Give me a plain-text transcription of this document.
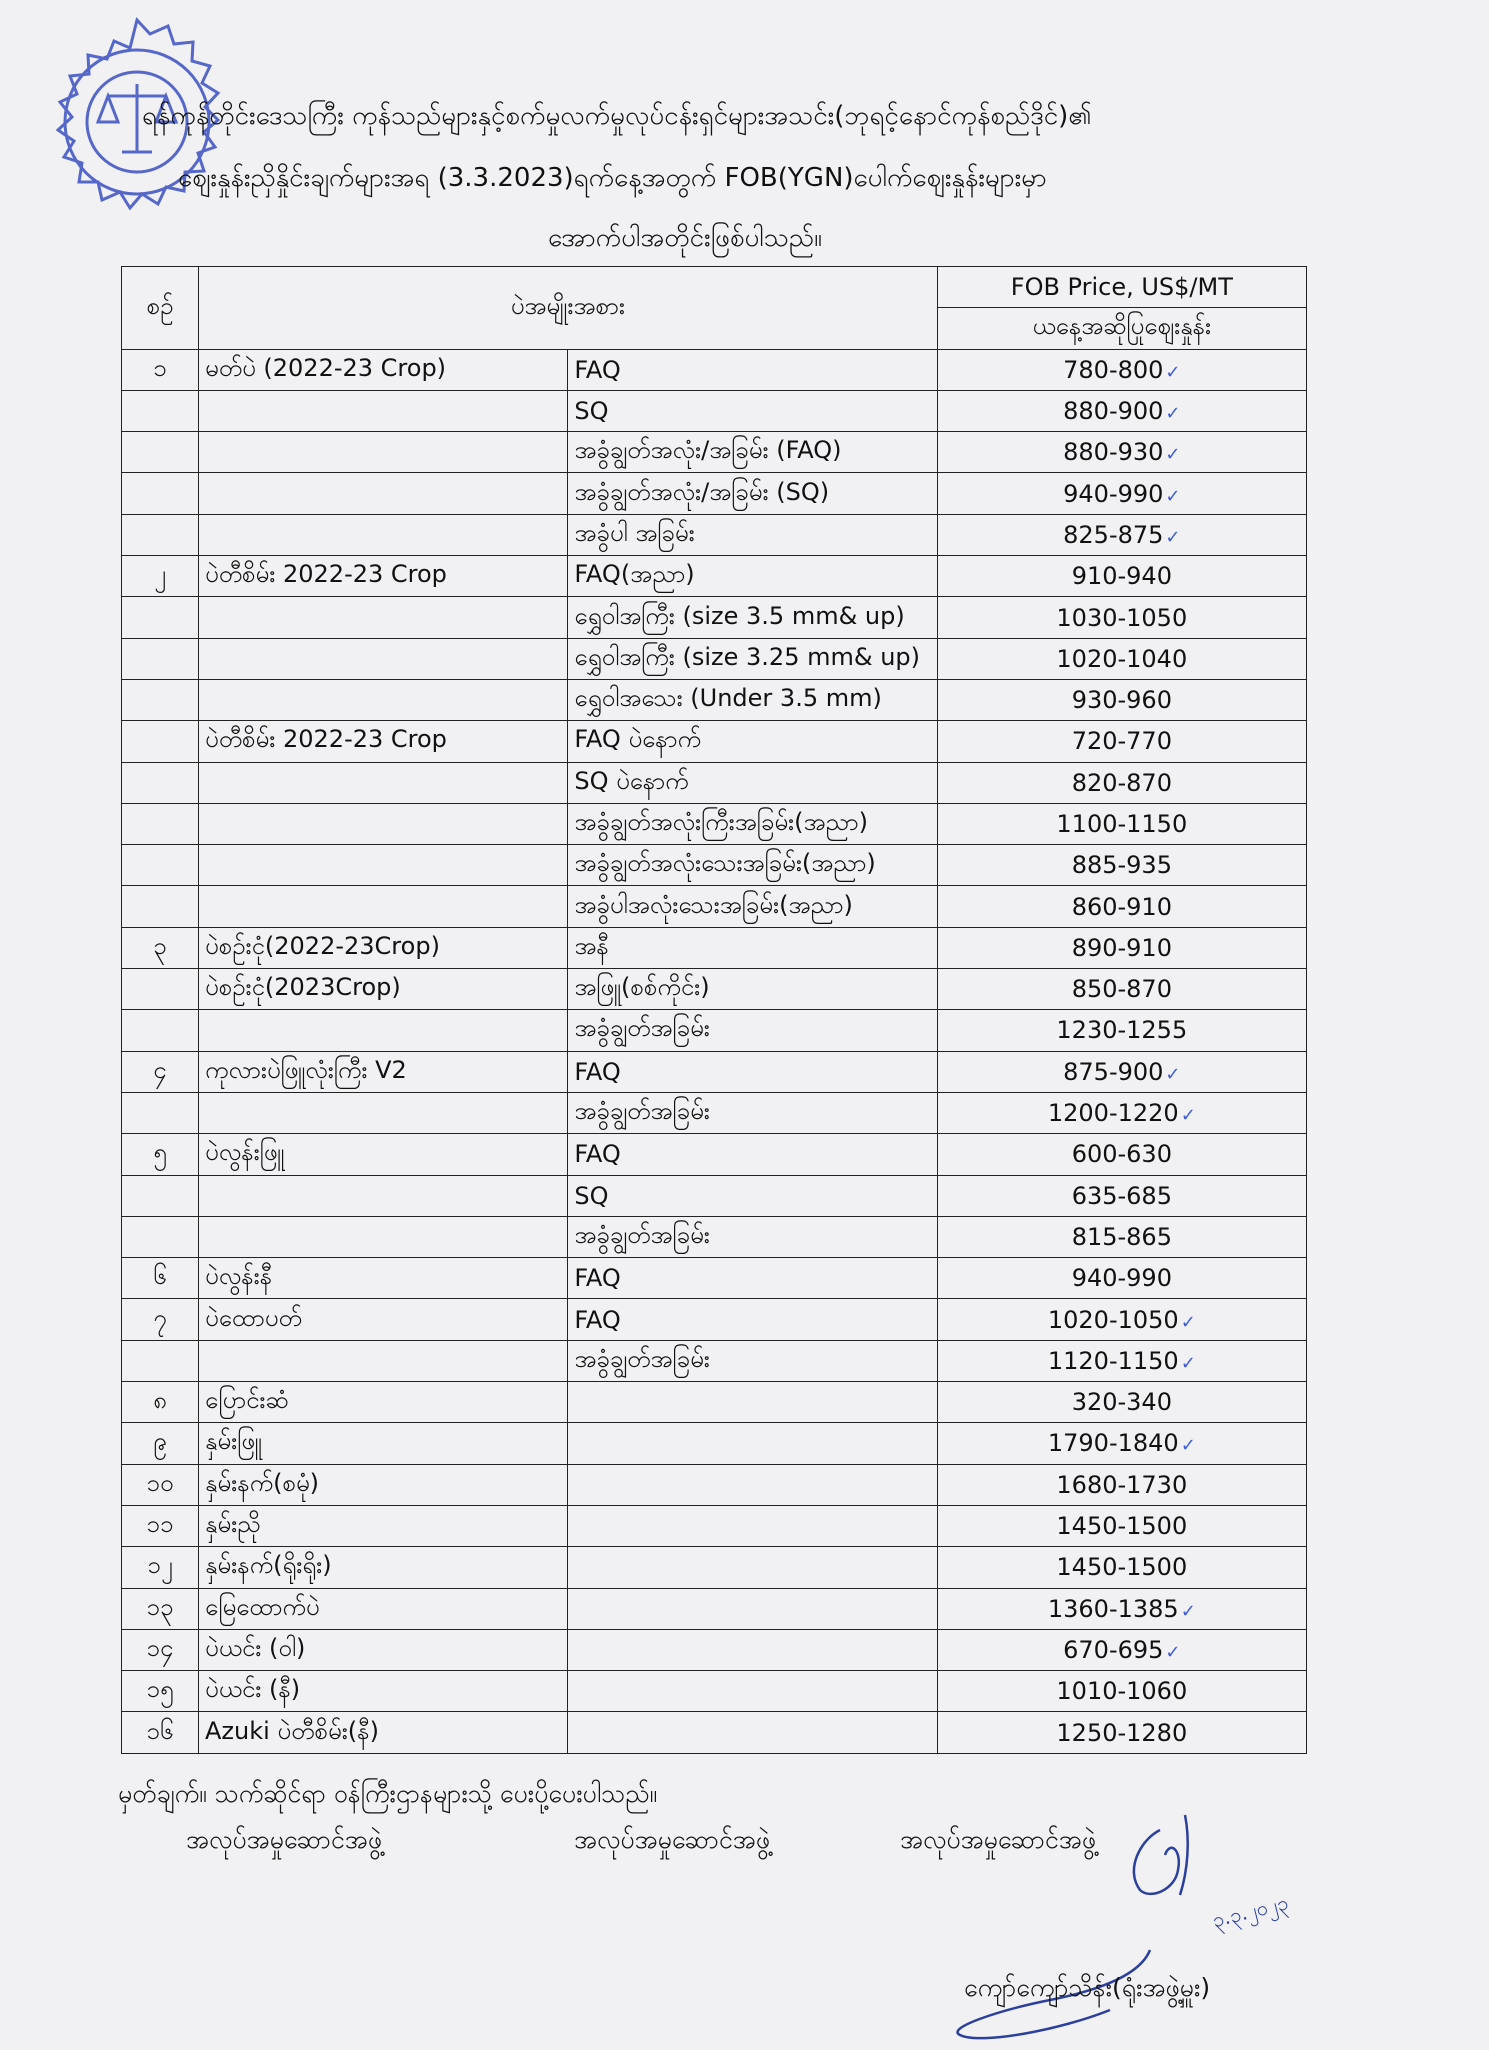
ရန်ကုန်တိုင်းဒေသကြီး ကုန်သည်များနှင့်စက်မှုလက်မှုလုပ်ငန်းရှင်များအသင်း(ဘုရင့်နောင်ကုန်စည်ဒိုင်)၏
ဈေးနှုန်းညှိနှိုင်းချက်များအရ (3.3.2023)ရက်နေ့အတွက် FOB(YGN)ပေါက်ဈေးနှုန်းများမှာ
အောက်ပါအတိုင်းဖြစ်ပါသည်။
စဉ်	ပဲအမျိုးအစား		FOB Price, US$/MT
			ယနေ့အဆိုပြုဈေးနှုန်း
၁	မတ်ပဲ (2022-23 Crop)	FAQ	780-800 ✓
		SQ	880-900 ✓
		အခွံချွတ်အလုံး/အခြမ်း (FAQ)	880-930 ✓
		အခွံချွတ်အလုံး/အခြမ်း (SQ)	940-990 ✓
		အခွံပါ အခြမ်း	825-875 ✓
၂	ပဲတီစိမ်း 2022-23 Crop	FAQ(အညာ)	910-940
		ရွှေဝါအကြီး (size 3.5 mm& up)	1030-1050
		ရွှေဝါအကြီး (size 3.25 mm& up)	1020-1040
		ရွှေဝါအသေး (Under 3.5 mm)	930-960
	ပဲတီစိမ်း 2022-23 Crop	FAQ ပဲနောက်	720-770
		SQ ပဲနောက်	820-870
		အခွံချွတ်အလုံးကြီးအခြမ်း(အညာ)	1100-1150
		အခွံချွတ်အလုံးသေးအခြမ်း(အညာ)	885-935
		အခွံပါအလုံးသေးအခြမ်း(အညာ)	860-910
၃	ပဲစဉ်းငုံ(2022-23Crop)	အနီ	890-910
	ပဲစဉ်းငုံ(2023Crop)	အဖြူ(စစ်ကိုင်း)	850-870
		အခွံချွတ်အခြမ်း	1230-1255
၄	ကုလားပဲဖြူလုံးကြီး V2	FAQ	875-900 ✓
		အခွံချွတ်အခြမ်း	1200-1220 ✓
၅	ပဲလွန်းဖြူ	FAQ	600-630
		SQ	635-685
		အခွံချွတ်အခြမ်း	815-865
၆	ပဲလွန်းနီ	FAQ	940-990
၇	ပဲထောပတ်	FAQ	1020-1050 ✓
		အခွံချွတ်အခြမ်း	1120-1150 ✓
၈	ပြောင်းဆံ		320-340
၉	နှမ်းဖြူ		1790-1840 ✓
၁၀	နှမ်းနက်(စမုံ)		1680-1730
၁၁	နှမ်းညို		1450-1500
၁၂	နှမ်းနက်(ရိုးရိုး)		1450-1500
၁၃	မြေထောက်ပဲ		1360-1385 ✓
၁၄	ပဲယင်း (ဝါ)		670-695 ✓
၁၅	ပဲယင်း (နီ)		1010-1060
၁၆	Azuki ပဲတီစိမ်း(နီ)		1250-1280
မှတ်ချက်။ သက်ဆိုင်ရာ ဝန်ကြီးဌာနများသို့ ပေးပို့ပေးပါသည်။
အလုပ်အမှုဆောင်အဖွဲ့	အလုပ်အမှုဆောင်အဖွဲ့	အလုပ်အမှုဆောင်အဖွဲ့
၃.၃.၂၀၂၃
ကျော်ကျော်သိန်း(ရုံးအဖွဲ့မှူး)
